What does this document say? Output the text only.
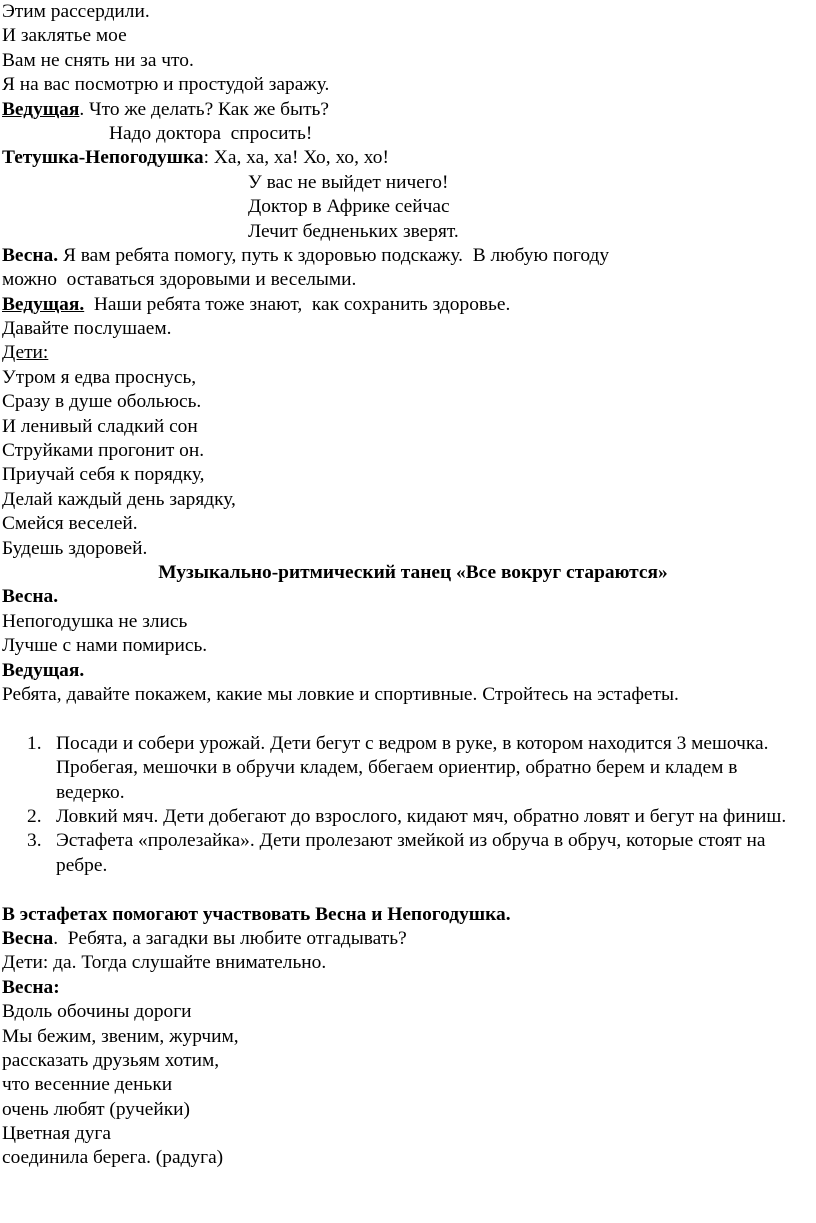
Этим рассердили.
И заклятье мое
Вам не снять ни за что.
Я на вас посмотрю и простудой заражу.
Ведущая. Что же делать? Как же быть?
Надо доктора  спросить!
Тетушка-Непогодушка: Ха, ха, ха! Хо, хо, хо!
У вас не выйдет ничего!
Доктор в Африке сейчас
Лечит бедненьких зверят.
Весна. Я вам ребята помогу, путь к здоровью подскажу.  В любую погоду
можно  оставаться здоровыми и веселыми.
Ведущая.  Наши ребята тоже знают,  как сохранить здоровье.
Давайте послушаем.
Дети:
Утром я едва проснусь,
Сразу в душе обольюсь.
И ленивый сладкий сон
Струйками прогонит он.
Приучай себя к порядку,
Делай каждый день зарядку,
Смейся веселей.
Будешь здоровей.
Музыкально-ритмический танец «Все вокруг стараются»
Весна.
Непогодушка не злись
Лучше с нами помирись.
Ведущая.
Ребята, давайте покажем, какие мы ловкие и спортивные. Стройтесь на эстафеты.
1. Посади и собери урожай. Дети бегут с ведром в руке, в котором находится 3 мешочка. Пробегая, мешочки в обручи кладем, ббегаем ориентир, обратно берем и кладем в ведерко.
2. Ловкий мяч. Дети добегают до взрослого, кидают мяч, обратно ловят и бегут на финиш.
3. Эстафета «пролезайка». Дети пролезают змейкой из обруча в обруч, которые стоят на ребре.
В эстафетах помогают участвовать Весна и Непогодушка.
Весна.  Ребята, а загадки вы любите отгадывать?
Дети: да. Тогда слушайте внимательно.
Весна:
Вдоль обочины дороги
Мы бежим, звеним, журчим,
рассказать друзьям хотим,
что весенние деньки
очень любят (ручейки)
Цветная дуга
соединила берега. (радуга)
